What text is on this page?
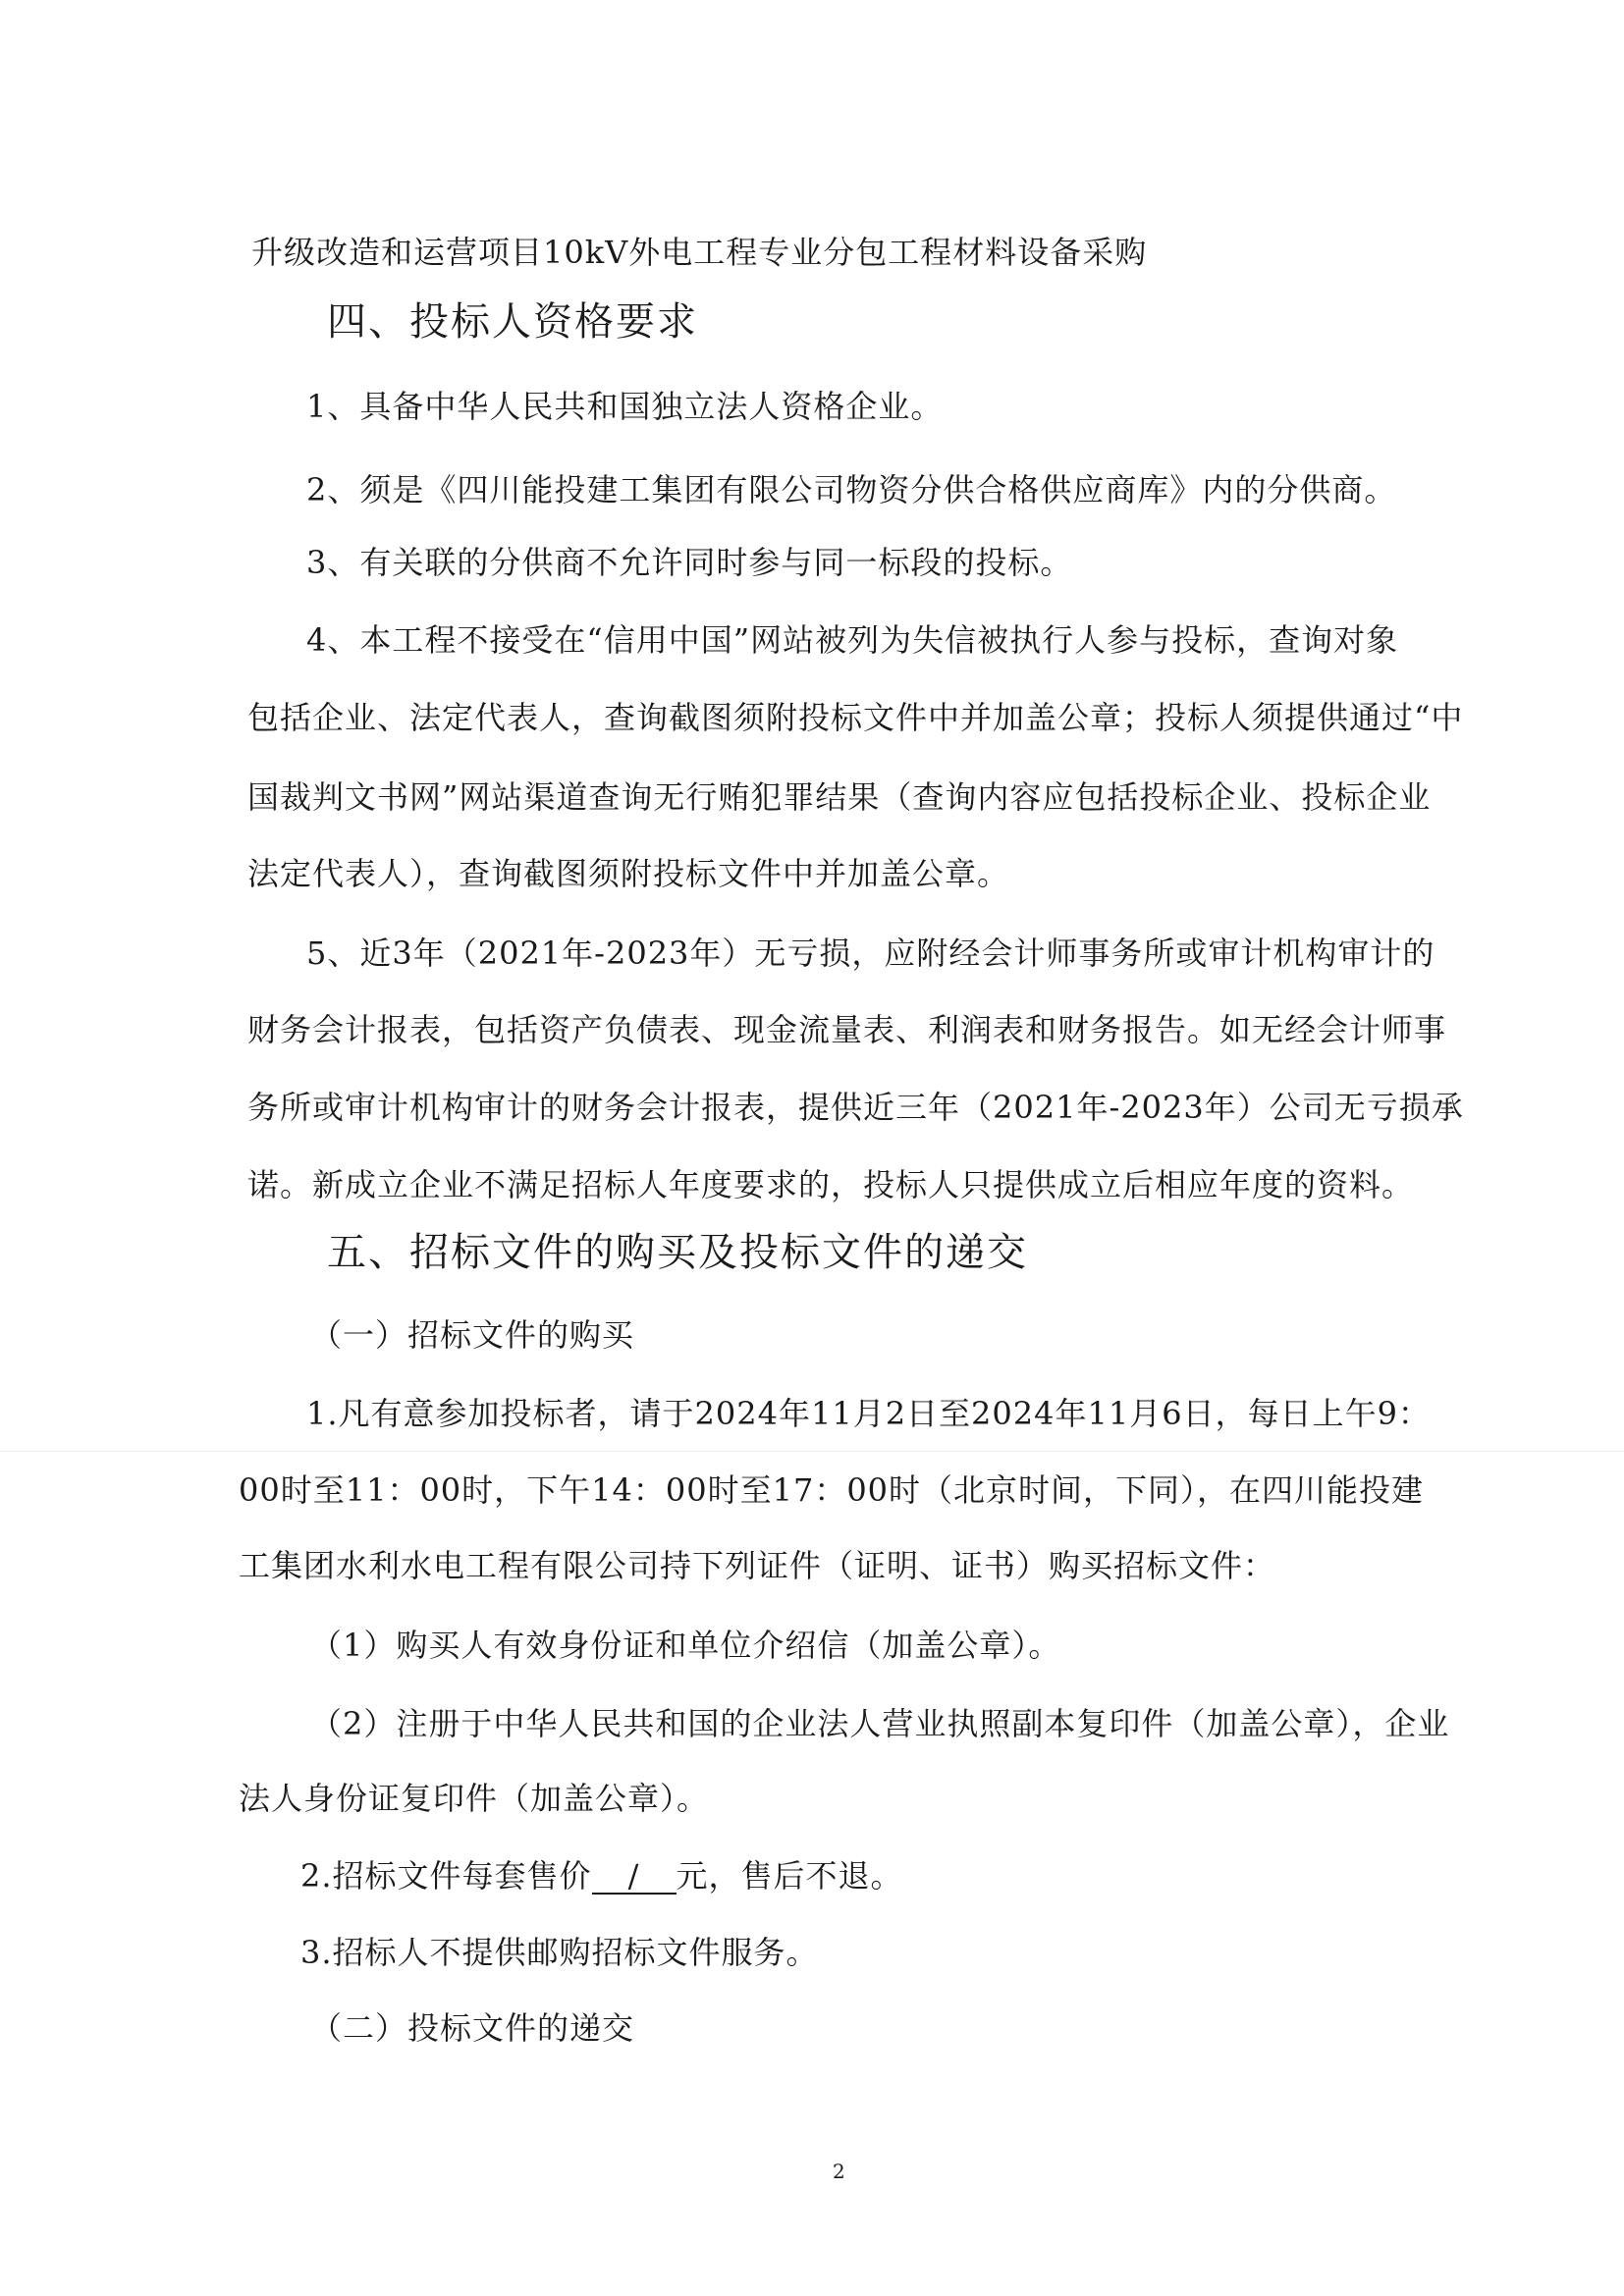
升级改造和运营项目10kV外电工程专业分包工程材料设备采购
四、投标人资格要求
1、具备中华人民共和国独立法人资格企业。
2、须是《四川能投建工集团有限公司物资分供合格供应商库》内的分供商。
3、有关联的分供商不允许同时参与同一标段的投标。
4、本工程不接受在“信用中国”网站被列为失信被执行人参与投标，查询对象
包括企业、法定代表人，查询截图须附投标文件中并加盖公章；投标人须提供通过“中
国裁判文书网”网站渠道查询无行贿犯罪结果（查询内容应包括投标企业、投标企业
法定代表人），查询截图须附投标文件中并加盖公章。
5、近3年（2021年-2023年）无亏损，应附经会计师事务所或审计机构审计的
财务会计报表，包括资产负债表、现金流量表、利润表和财务报告。如无经会计师事
务所或审计机构审计的财务会计报表，提供近三年（2021年-2023年）公司无亏损承
诺。新成立企业不满足招标人年度要求的，投标人只提供成立后相应年度的资料。
五、招标文件的购买及投标文件的递交
（一）招标文件的购买
1.凡有意参加投标者，请于2024年11月2日至2024年11月6日，每日上午9：
00时至11：00时，下午14：00时至17：00时（北京时间，下同），在四川能投建
工集团水利水电工程有限公司持下列证件（证明、证书）购买招标文件：
（1）购买人有效身份证和单位介绍信（加盖公章）。
（2）注册于中华人民共和国的企业法人营业执照副本复印件（加盖公章），企业
法人身份证复印件（加盖公章）。
2.招标文件每套售价 / 元，售后不退。
3.招标人不提供邮购招标文件服务。
（二）投标文件的递交
2
